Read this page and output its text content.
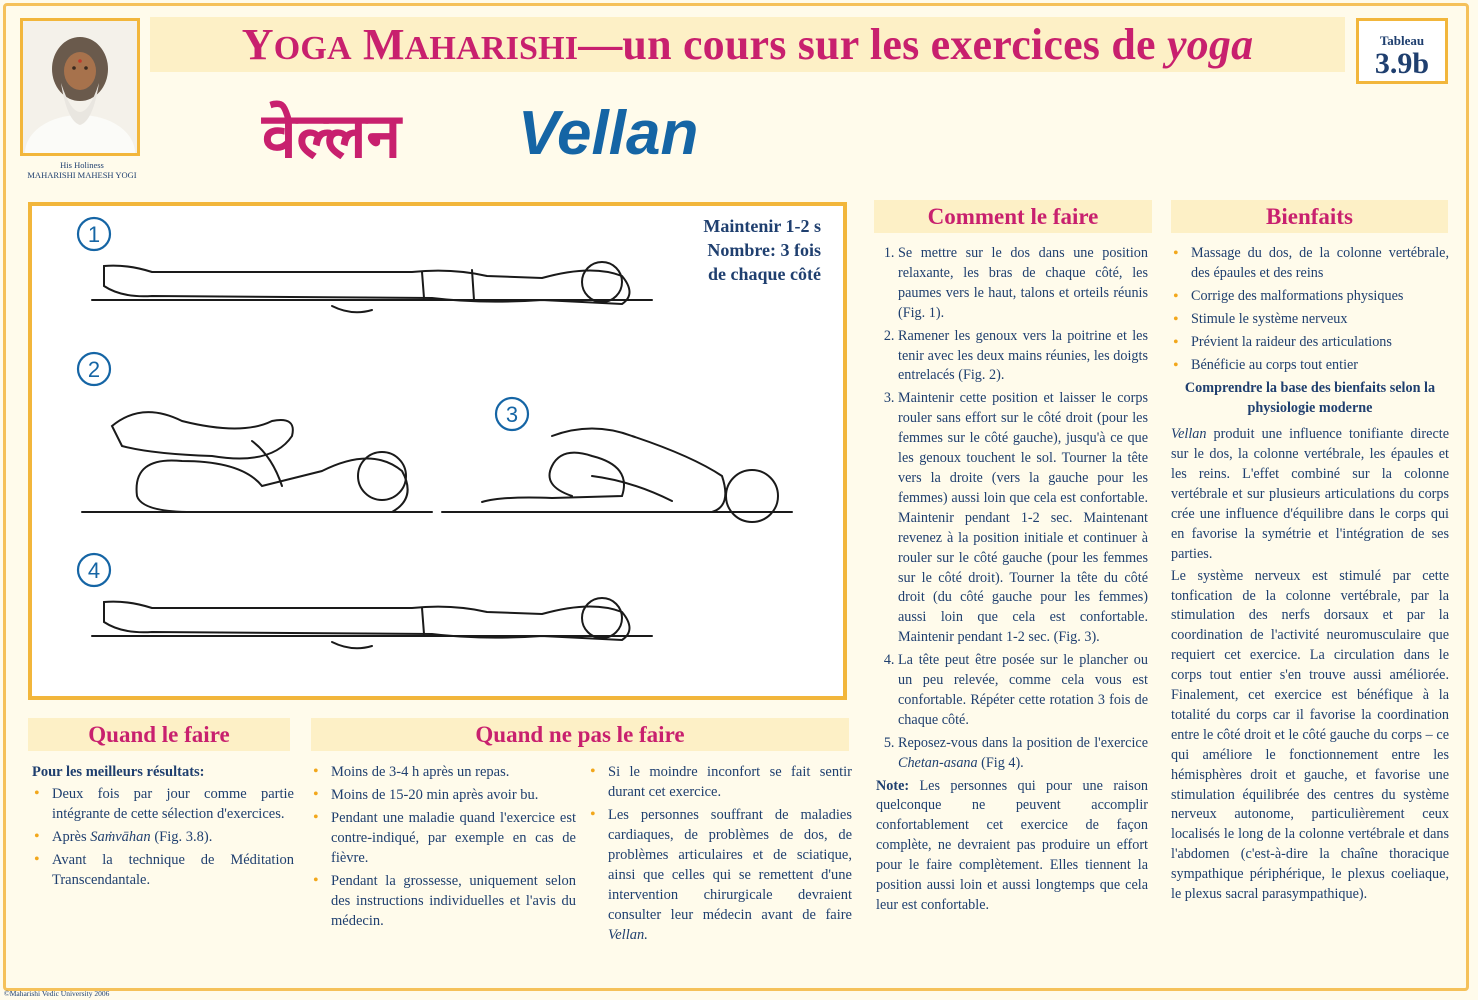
His Holiness
MAHARISHI MAHESH YOGI
YOGA MAHARISHI—un cours sur les exercices de yoga	Tableau
3.9b
वेल्लन Vellan
1
2
3
4
Maintenir 1-2 s
Nombre: 3 fois
de chaque côté
Quand le faire
Pour les meilleurs résultats:
• Deux fois par jour comme partie intégrante de cette sélection d'exercices.
• Après Saṁvāhan (Fig. 3.8).
• Avant la technique de Méditation Transcendantale.
Quand ne pas le faire
• Moins de 3-4 h après un repas.
• Moins de 15-20 min après avoir bu.
• Pendant une maladie quand l'exercice est contre-indiqué, par exemple en cas de fièvre.
• Pendant la grossesse, uniquement selon des instructions individuelles et l'avis du médecin.
• Si le moindre inconfort se fait sentir durant cet exercice.
• Les personnes souffrant de maladies cardiaques, de problèmes de dos, de problèmes articulaires et de sciatique, ainsi que celles qui se remettent d'une intervention chirurgicale devraient consulter leur médecin avant de faire Vellan.
Comment le faire
1. Se mettre sur le dos dans une position relaxante, les bras de chaque côté, les paumes vers le haut, talons et orteils réunis (Fig. 1).
2. Ramener les genoux vers la poitrine et les tenir avec les deux mains réunies, les doigts entrelacés (Fig. 2).
3. Maintenir cette position et laisser le corps rouler sans effort sur le côté droit (pour les femmes sur le côté gauche), jusqu'à ce que les genoux touchent le sol. Tourner la tête vers la droite (vers la gauche pour les femmes) aussi loin que cela est confortable. Maintenir pendant 1-2 sec. Maintenant revenez à la position initiale et continuer à rouler sur le côté gauche (pour les femmes sur le côté droit). Tourner la tête du côté droit (du côté gauche pour les femmes) aussi loin que cela est confortable. Maintenir pendant 1-2 sec. (Fig. 3).
4. La tête peut être posée sur le plancher ou un peu relevée, comme cela vous est confortable. Répéter cette rotation 3 fois de chaque côté.
5. Reposez-vous dans la position de l'exercice Chetan-asana (Fig 4).
Note: Les personnes qui pour une raison quelconque ne peuvent accomplir confortablement cet exercice de façon complète, ne devraient pas produire un effort pour le faire complètement. Elles tiennent la position aussi loin et aussi longtemps que cela leur est confortable.
Bienfaits
• Massage du dos, de la colonne vertébrale, des épaules et des reins
• Corrige des malformations physiques
• Stimule le système nerveux
• Prévient la raideur des articulations
• Bénéficie au corps tout entier
Comprendre la base des bienfaits selon la physiologie moderne
Vellan produit une influence tonifiante directe sur le dos, la colonne vertébrale, les épaules et les reins. L'effet combiné sur la colonne vertébrale et sur plusieurs articulations du corps crée une influence d'équilibre dans le corps qui en favorise la symétrie et l'intégration de ses parties.
Le système nerveux est stimulé par cette tonfication de la colonne vertébrale, par la stimulation des nerfs dorsaux et par la coordination de l'activité neuromusculaire que requiert cet exercice. La circulation dans le corps tout entier s'en trouve aussi améliorée. Finalement, cet exercice est bénéfique à la totalité du corps car il favorise la coordination entre le côté droit et le côté gauche du corps – ce qui améliore le fonctionnement entre les hémisphères droit et gauche, et favorise une stimulation équilibrée des centres du système nerveux autonome, particulièrement ceux localisés le long de la colonne vertébrale et dans l'abdomen (c'est-à-dire la chaîne thoracique sympathique périphérique, le plexus coeliaque, le plexus sacral parasympathique).
©Maharishi Vedic University 2006
